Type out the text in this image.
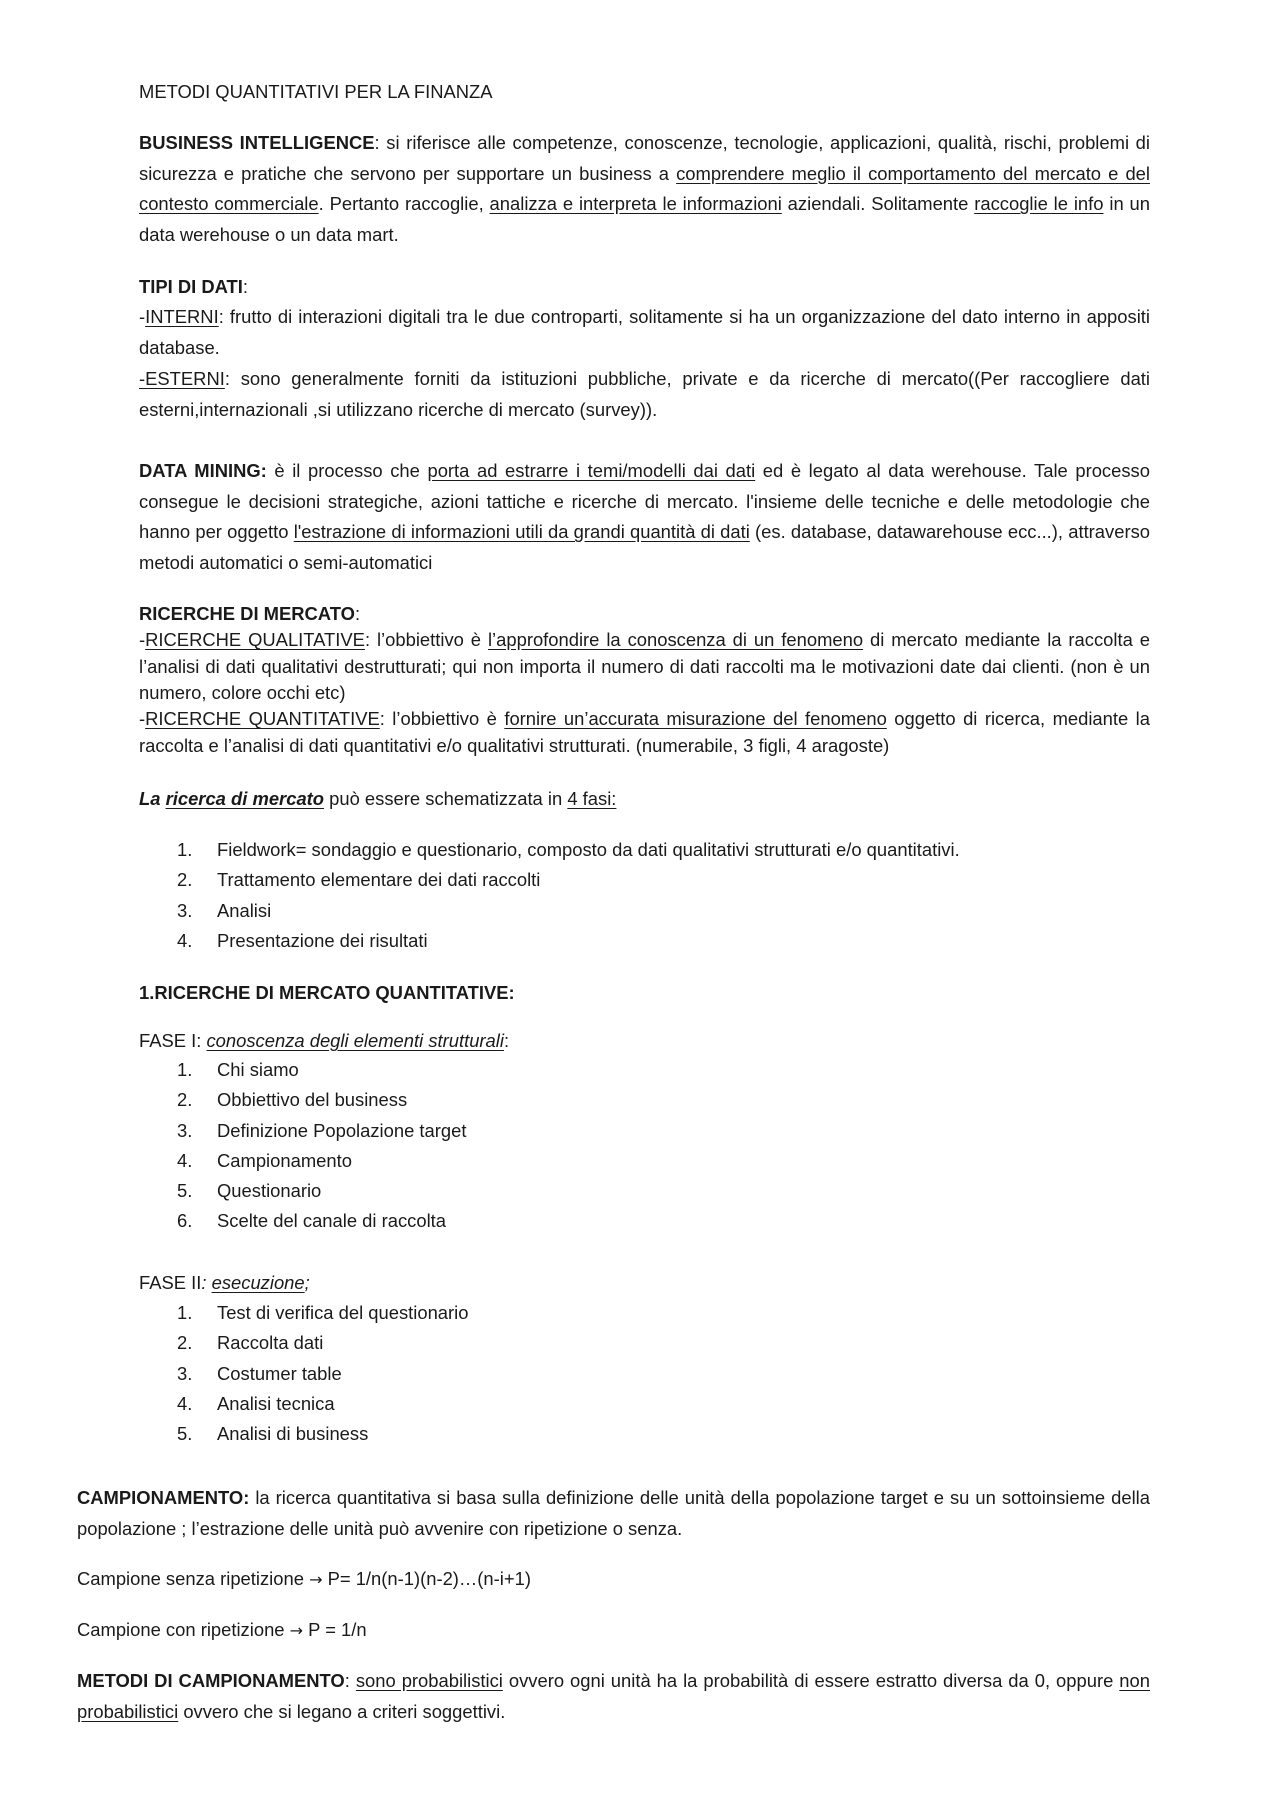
METODI QUANTITATIVI PER LA FINANZA
BUSINESS INTELLIGENCE: si riferisce alle competenze, conoscenze, tecnologie, applicazioni, qualità, rischi, problemi di sicurezza e pratiche che servono per supportare un business a comprendere meglio il comportamento del mercato e del contesto commerciale. Pertanto raccoglie, analizza e interpreta le informazioni aziendali. Solitamente raccoglie le info in un data werehouse o un data mart.
TIPI DI DATI:
-INTERNI: frutto di interazioni digitali tra le due controparti, solitamente si ha un organizzazione del dato interno in appositi database.
-ESTERNI: sono generalmente forniti da istituzioni pubbliche, private e da ricerche di mercato((Per raccogliere dati esterni,internazionali ,si utilizzano ricerche di mercato (survey)).
DATA MINING: è il processo che porta ad estrarre i temi/modelli dai dati ed è legato al data werehouse. Tale processo consegue le decisioni strategiche, azioni tattiche e ricerche di mercato. l'insieme delle tecniche e delle metodologie che hanno per oggetto l'estrazione di informazioni utili da grandi quantità di dati (es. database, datawarehouse ecc...), attraverso metodi automatici o semi-automatici
RICERCHE DI MERCATO:
-RICERCHE QUALITATIVE: l’obbiettivo è l’approfondire la conoscenza di un fenomeno di mercato mediante la raccolta e l’analisi di dati qualitativi destrutturati; qui non importa il numero di dati raccolti ma le motivazioni date dai clienti. (non è un numero, colore occhi etc)
-RICERCHE QUANTITATIVE: l’obbiettivo è fornire un’accurata misurazione del fenomeno oggetto di ricerca, mediante la raccolta e l’analisi di dati quantitativi e/o qualitativi strutturati. (numerabile, 3 figli, 4 aragoste)
La ricerca di mercato può essere schematizzata in 4 fasi:
1. Fieldwork= sondaggio e questionario, composto da dati qualitativi strutturati e/o quantitativi.
2. Trattamento elementare dei dati raccolti
3. Analisi
4. Presentazione dei risultati
1.RICERCHE DI MERCATO QUANTITATIVE:
FASE I: conoscenza degli elementi strutturali:
1. Chi siamo
2. Obbiettivo del business
3. Definizione Popolazione target
4. Campionamento
5. Questionario
6. Scelte del canale di raccolta
FASE II: esecuzione;
1. Test di verifica del questionario
2. Raccolta dati
3. Costumer table
4. Analisi tecnica
5. Analisi di business
CAMPIONAMENTO: la ricerca quantitativa si basa sulla definizione delle unità della popolazione target e su un sottoinsieme della popolazione ; l’estrazione delle unità può avvenire con ripetizione o senza.
Campione senza ripetizione → P= 1/n(n-1)(n-2)…(n-i+1)
Campione con ripetizione → P = 1/n
METODI DI CAMPIONAMENTO: sono probabilistici ovvero ogni unità ha la probabilità di essere estratto diversa da 0, oppure non probabilistici ovvero che si legano a criteri soggettivi.
